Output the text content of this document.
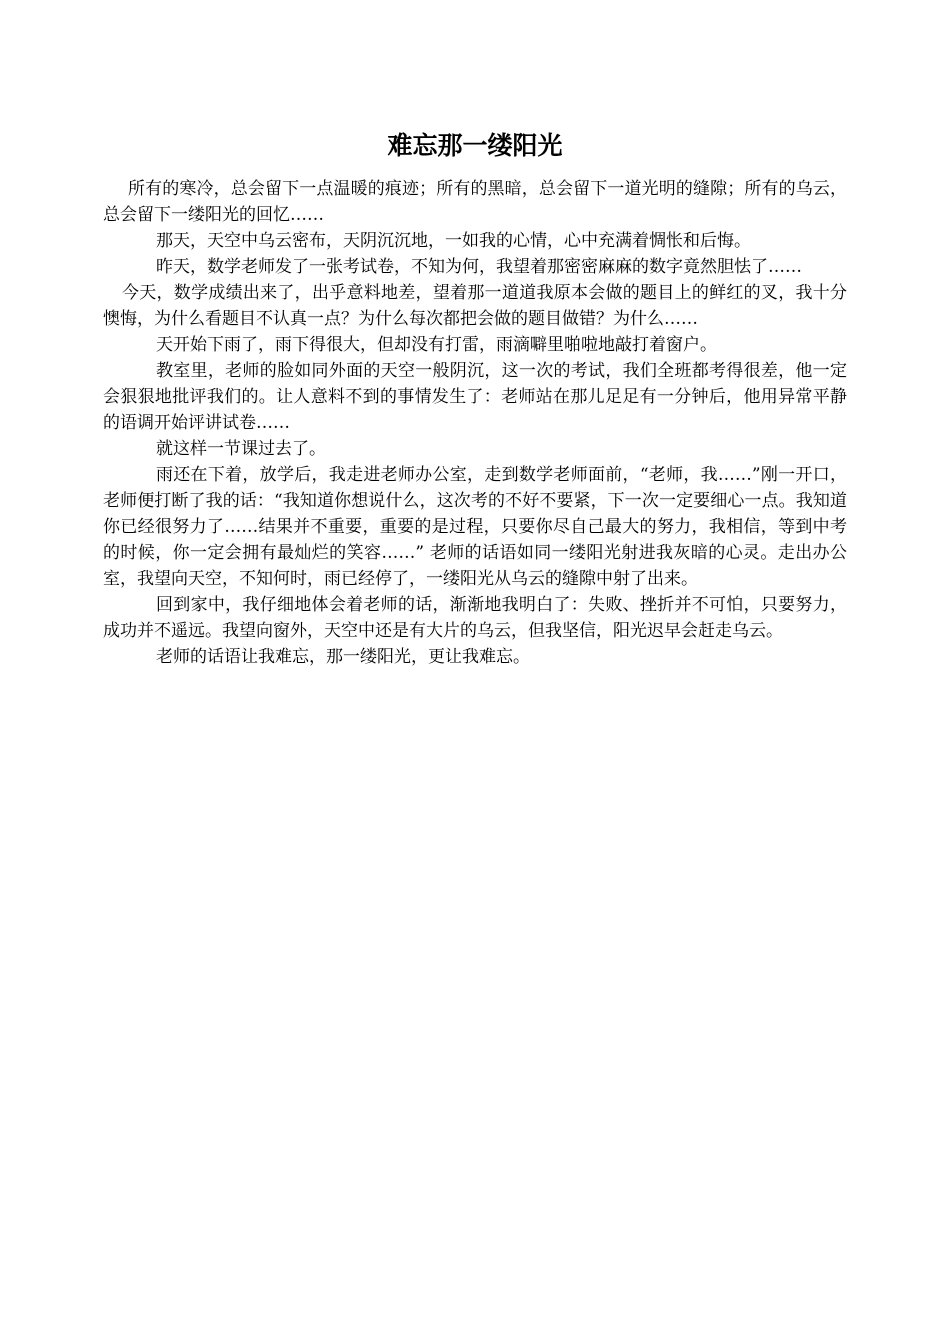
难忘那一缕阳光

所有的寒冷，总会留下一点温暖的痕迹；所有的黑暗，总会留下一道光明的缝隙；所有的乌云，总会留下一缕阳光的回忆……

那天，天空中乌云密布，天阴沉沉地，一如我的心情，心中充满着惆怅和后悔。

昨天，数学老师发了一张考试卷，不知为何，我望着那密密麻麻的数字竟然胆怯了……

今天，数学成绩出来了，出乎意料地差，望着那一道道我原本会做的题目上的鲜红的叉，我十分懊悔，为什么看题目不认真一点？为什么每次都把会做的题目做错？为什么……

天开始下雨了，雨下得很大，但却没有打雷，雨滴噼里啪啦地敲打着窗户。

教室里，老师的脸如同外面的天空一般阴沉，这一次的考试，我们全班都考得很差，他一定会狠狠地批评我们的。让人意料不到的事情发生了：老师站在那儿足足有一分钟后，他用异常平静的语调开始评讲试卷……

就这样一节课过去了。

雨还在下着，放学后，我走进老师办公室，走到数学老师面前，“老师，我……”刚一开口，老师便打断了我的话：“我知道你想说什么，这次考的不好不要紧，下一次一定要细心一点。我知道你已经很努力了……结果并不重要，重要的是过程，只要你尽自己最大的努力，我相信，等到中考的时候，你一定会拥有最灿烂的笑容……” 老师的话语如同一缕阳光射进我灰暗的心灵。走出办公室，我望向天空，不知何时，雨已经停了，一缕阳光从乌云的缝隙中射了出来。

回到家中，我仔细地体会着老师的话，渐渐地我明白了：失败、挫折并不可怕，只要努力，成功并不遥远。我望向窗外，天空中还是有大片的乌云，但我坚信，阳光迟早会赶走乌云。

老师的话语让我难忘，那一缕阳光，更让我难忘。
